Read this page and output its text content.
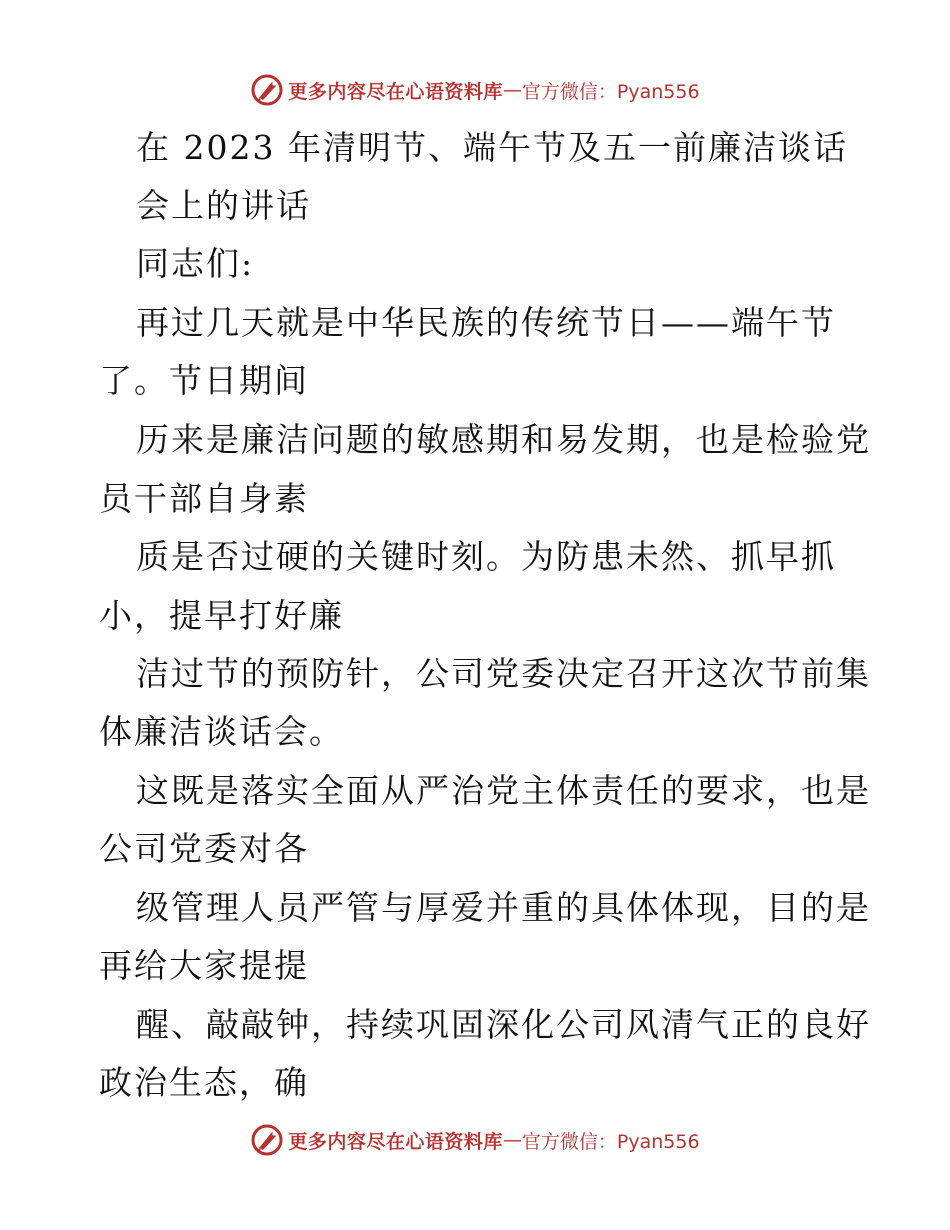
更多内容尽在心语资料库 — 官方微信：Pyan556
在 2023 年清明节、端午节及五一前廉洁谈话
会上的讲话
同志们:
再过几天就是中华民族的传统节日——端午节
了。节日期间
历来是廉洁问题的敏感期和易发期，也是检验党
员干部自身素
质是否过硬的关键时刻。为防患未然、抓早抓
小，提早打好廉
洁过节的预防针，公司党委决定召开这次节前集
体廉洁谈话会。
这既是落实全面从严治党主体责任的要求，也是
公司党委对各
级管理人员严管与厚爱并重的具体体现，目的是
再给大家提提
醒、敲敲钟，持续巩固深化公司风清气正的良好
政治生态，确
更多内容尽在心语资料库 — 官方微信：Pyan556
